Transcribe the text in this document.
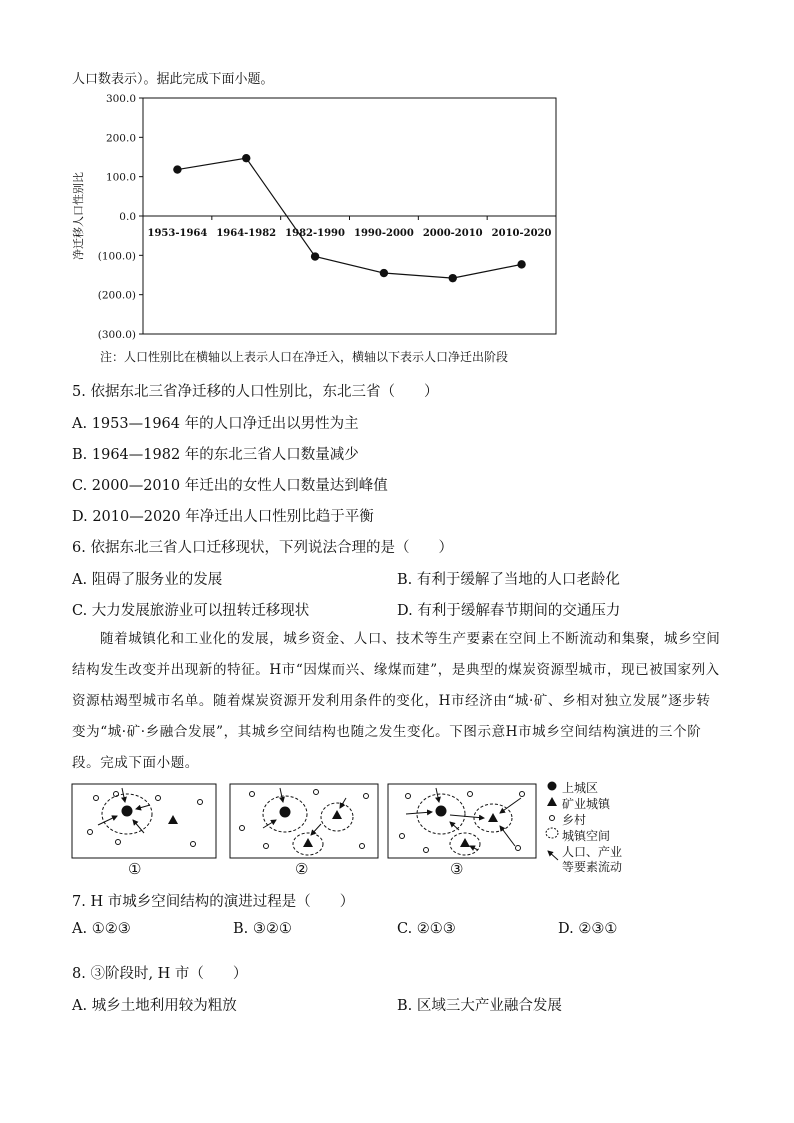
人口数表示）。据此完成下面小题。
300.0
200.0
100.0
0.0
(100.0)
(200.0)
(300.0)
1953-1964 1964-1982 1982-1990 1990-2000 2000-2010 2010-2020
净迁移人口性别比
注：人口性别比在横轴以上表示人口在净迁入，横轴以下表示人口净迁出阶段
5. 依据东北三省净迁移的人口性别比，东北三省（　　）
A. 1953—1964 年的人口净迁出以男性为主
B. 1964—1982 年的东北三省人口数量减少
C. 2000—2010 年迁出的女性人口数量达到峰值
D. 2010—2020 年净迁出人口性别比趋于平衡
6. 依据东北三省人口迁移现状，下列说法合理的是（　　）
A. 阻碍了服务业的发展	B. 有利于缓解了当地的人口老龄化
C. 大力发展旅游业可以扭转迁移现状	D. 有利于缓解春节期间的交通压力
随着城镇化和工业化的发展，城乡资金、人口、技术等生产要素在空间上不断流动和集聚，城乡空间结构发生改变并出现新的特征。H市“因煤而兴、缘煤而建”，是典型的煤炭资源型城市，现已被国家列入资源枯竭型城市名单。随着煤炭资源开发利用条件的变化，H市经济由“城·矿、乡相对独立发展”逐步转变为“城·矿·乡融合发展”，其城乡空间结构也随之发生变化。下图示意H市城乡空间结构演进的三个阶段。完成下面小题。
上城区
矿业城镇
乡村
城镇空间
人口、产业
等要素流动
①	②	③
7. H 市城乡空间结构的演进过程是（　　）
A. ①②③	B. ③②①	C. ②①③	D. ②③①
8. ③阶段时, H 市（　　）
A. 城乡土地利用较为粗放	B. 区域三大产业融合发展
